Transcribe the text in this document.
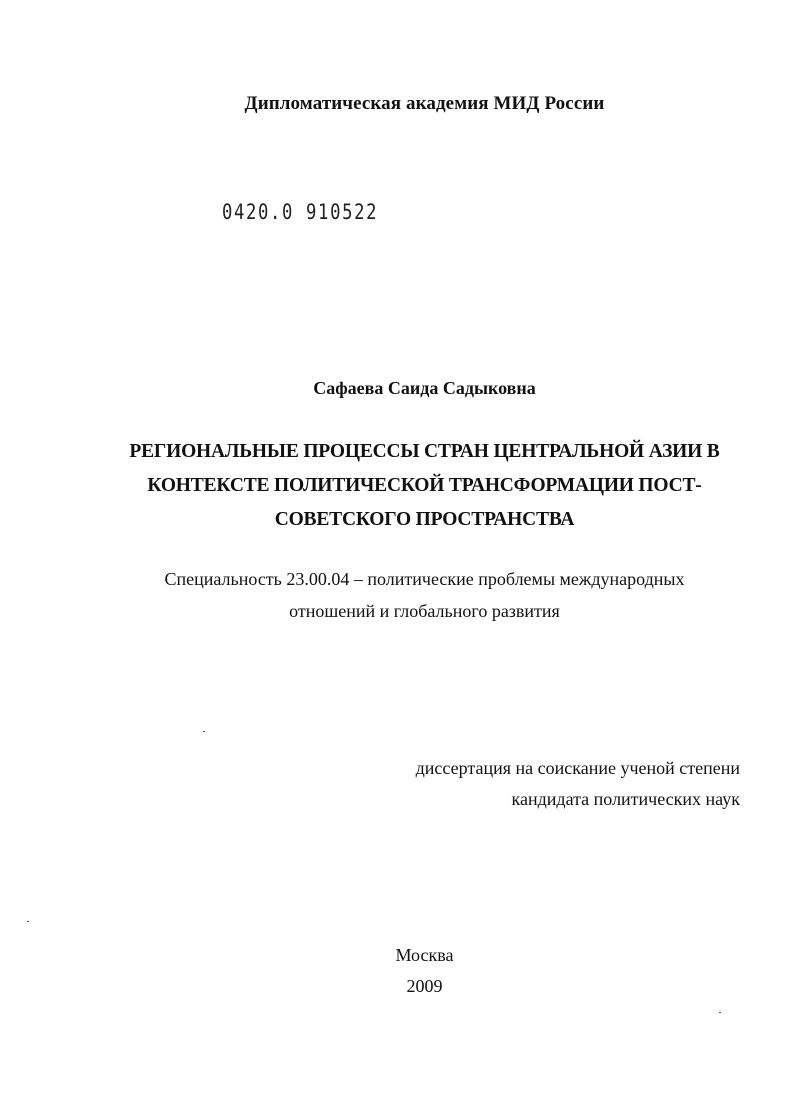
Дипломатическая академия МИД России
0420.0 910522
Сафаева Саида Садыковна
РЕГИОНАЛЬНЫЕ ПРОЦЕССЫ СТРАН ЦЕНТРАЛЬНОЙ АЗИИ В
КОНТЕКСТЕ ПОЛИТИЧЕСКОЙ ТРАНСФОРМАЦИИ ПОСТ-
СОВЕТСКОГО ПРОСТРАНСТВА
Специальность 23.00.04 – политические проблемы международных
отношений и глобального развития
диссертация на соискание ученой степени
кандидата политических наук
Москва
2009
